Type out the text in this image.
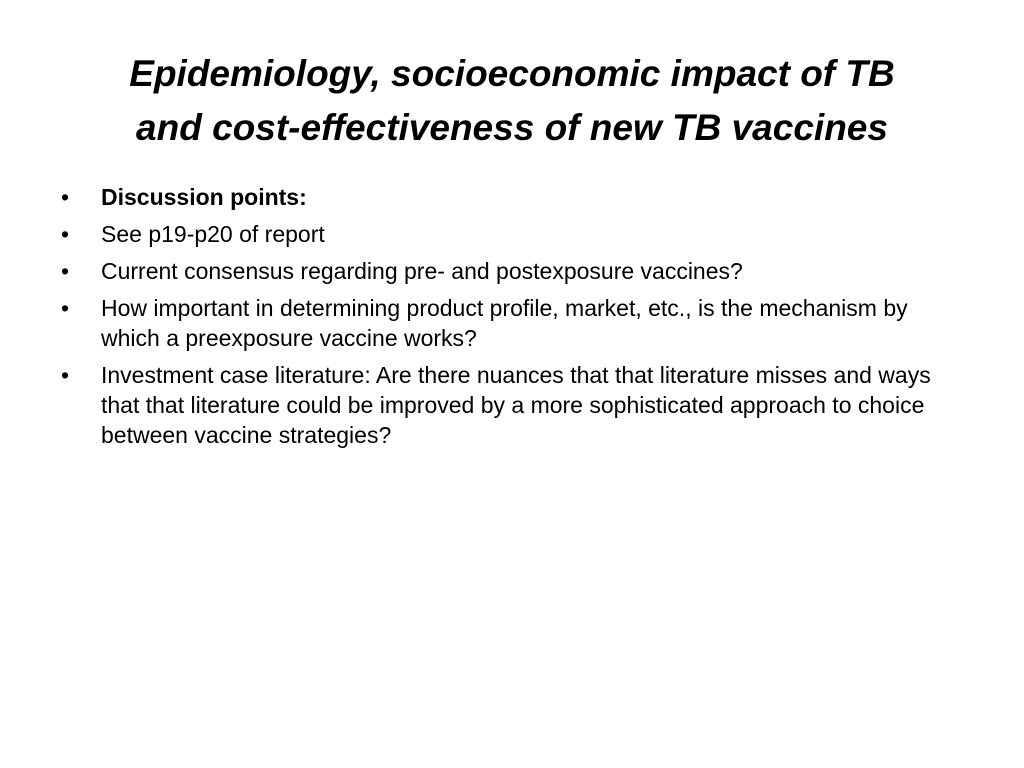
Epidemiology, socioeconomic impact of TB
and cost-effectiveness of new TB vaccines
•	Discussion points:
•	See p19-p20 of report
•	Current consensus regarding pre- and postexposure vaccines?
•	How important in determining product profile, market, etc., is the mechanism by which a preexposure vaccine works?
•	Investment case literature: Are there nuances that that literature misses and ways that that literature could be improved by a more sophisticated approach to choice between vaccine strategies?
